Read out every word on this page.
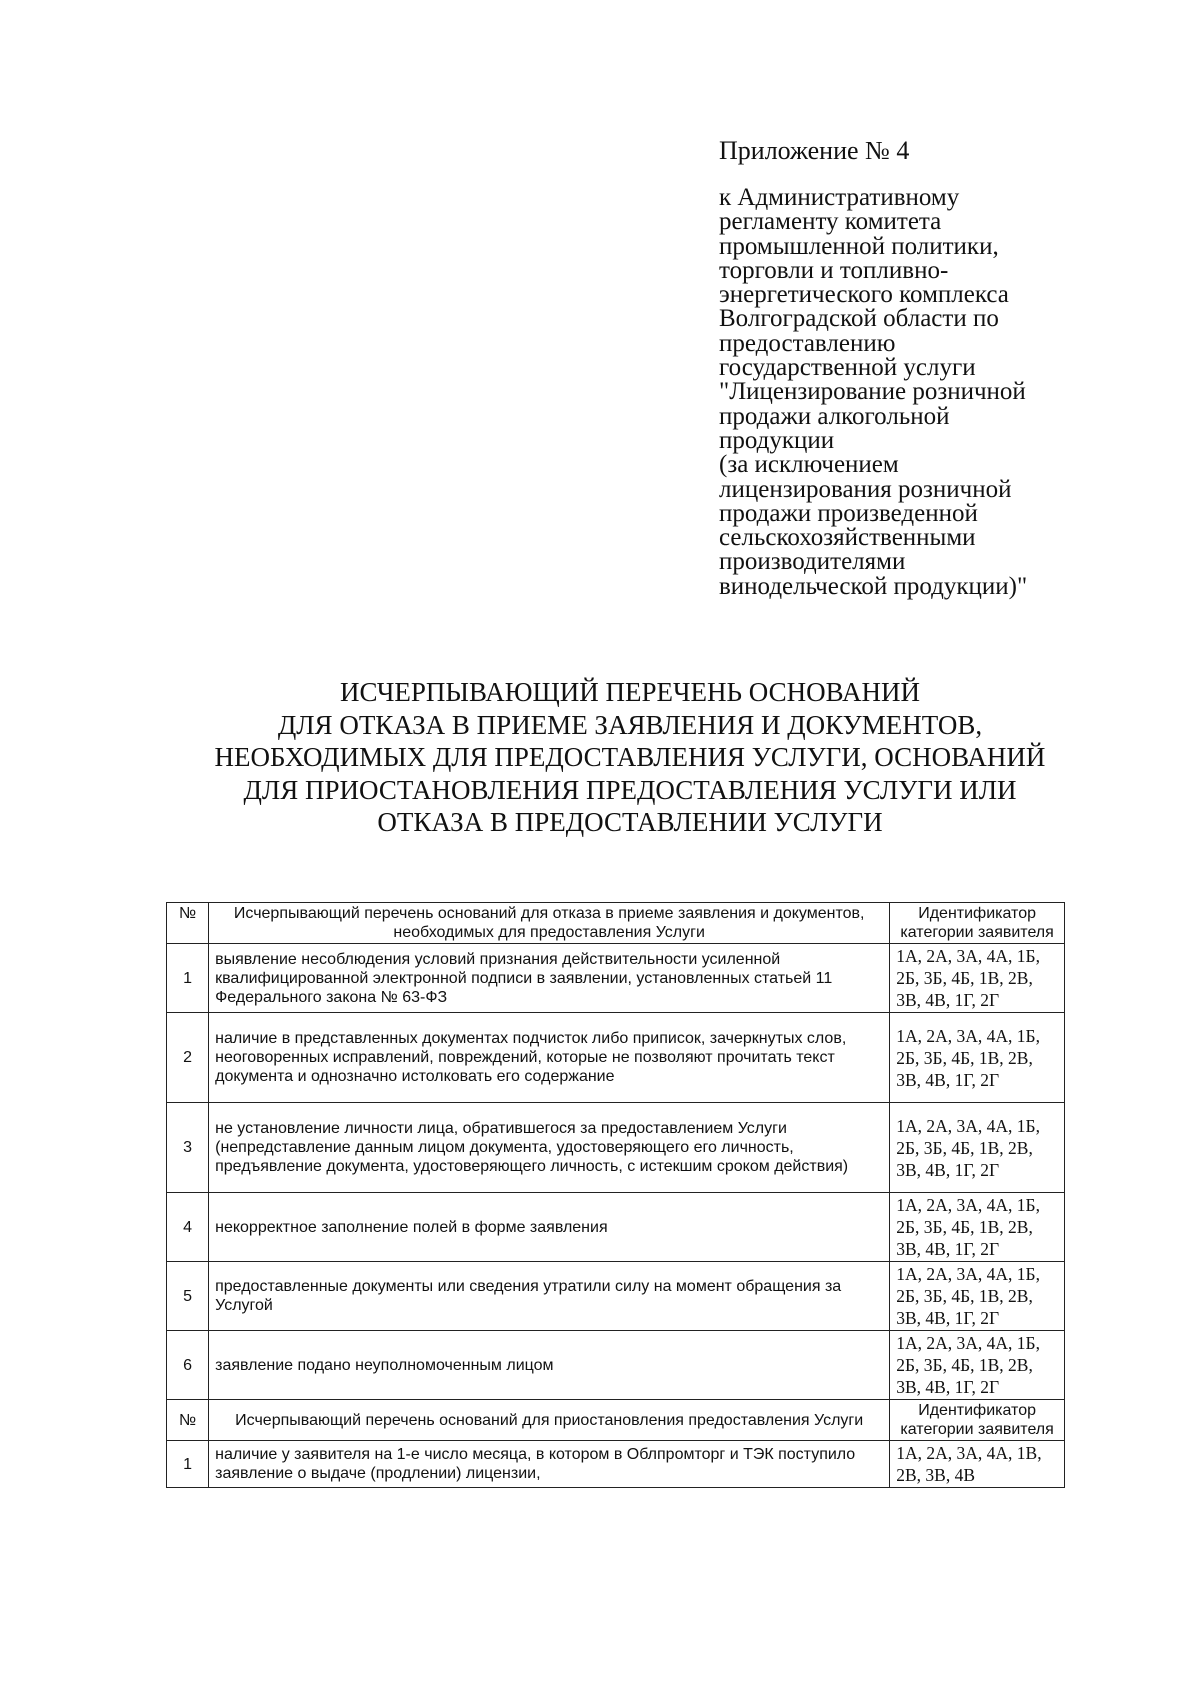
Приложение № 4

к Административному
регламенту комитета
промышленной политики,
торговли и топливно-
энергетического комплекса
Волгоградской области по
предоставлению
государственной услуги
"Лицензирование розничной
продажи алкогольной
продукции
(за исключением
лицензирования розничной
продажи произведенной
сельскохозяйственными
производителями
винодельческой продукции)"

ИСЧЕРПЫВАЮЩИЙ ПЕРЕЧЕНЬ ОСНОВАНИЙ
ДЛЯ ОТКАЗА В ПРИЕМЕ ЗАЯВЛЕНИЯ И ДОКУМЕНТОВ,
НЕОБХОДИМЫХ ДЛЯ ПРЕДОСТАВЛЕНИЯ УСЛУГИ, ОСНОВАНИЙ
ДЛЯ ПРИОСТАНОВЛЕНИЯ ПРЕДОСТАВЛЕНИЯ УСЛУГИ ИЛИ
ОТКАЗА В ПРЕДОСТАВЛЕНИИ УСЛУГИ
№	Исчерпывающий перечень оснований для отказа в приеме заявления и документов, необходимых для предоставления Услуги	Идентификатор категории заявителя
1	выявление несоблюдения условий признания действительности усиленной квалифицированной электронной подписи в заявлении, установленных статьей 11 Федерального закона № 63-ФЗ	1А, 2А, 3А, 4А, 1Б, 2Б, 3Б, 4Б, 1В, 2В, 3В, 4В, 1Г, 2Г
2	наличие в представленных документах подчисток либо приписок, зачеркнутых слов, неоговоренных исправлений, повреждений, которые не позволяют прочитать текст документа и однозначно истолковать его содержание	1А, 2А, 3А, 4А, 1Б, 2Б, 3Б, 4Б, 1В, 2В, 3В, 4В, 1Г, 2Г
3	не установление личности лица, обратившегося за предоставлением Услуги (непредставление данным лицом документа, удостоверяющего его личность, предъявление документа, удостоверяющего личность, с истекшим сроком действия)	1А, 2А, 3А, 4А, 1Б, 2Б, 3Б, 4Б, 1В, 2В, 3В, 4В, 1Г, 2Г
4	некорректное заполнение полей в форме заявления	1А, 2А, 3А, 4А, 1Б, 2Б, 3Б, 4Б, 1В, 2В, 3В, 4В, 1Г, 2Г
5	предоставленные документы или сведения утратили силу на момент обращения за Услугой	1А, 2А, 3А, 4А, 1Б, 2Б, 3Б, 4Б, 1В, 2В, 3В, 4В, 1Г, 2Г
6	заявление подано неуполномоченным лицом	1А, 2А, 3А, 4А, 1Б, 2Б, 3Б, 4Б, 1В, 2В, 3В, 4В, 1Г, 2Г
№	Исчерпывающий перечень оснований для приостановления предоставления Услуги	Идентификатор категории заявителя
1	наличие у заявителя на 1-е число месяца, в котором в Облпромторг и ТЭК поступило заявление о выдаче (продлении) лицензии,	1А, 2А, 3А, 4А, 1В, 2В, 3В, 4В
